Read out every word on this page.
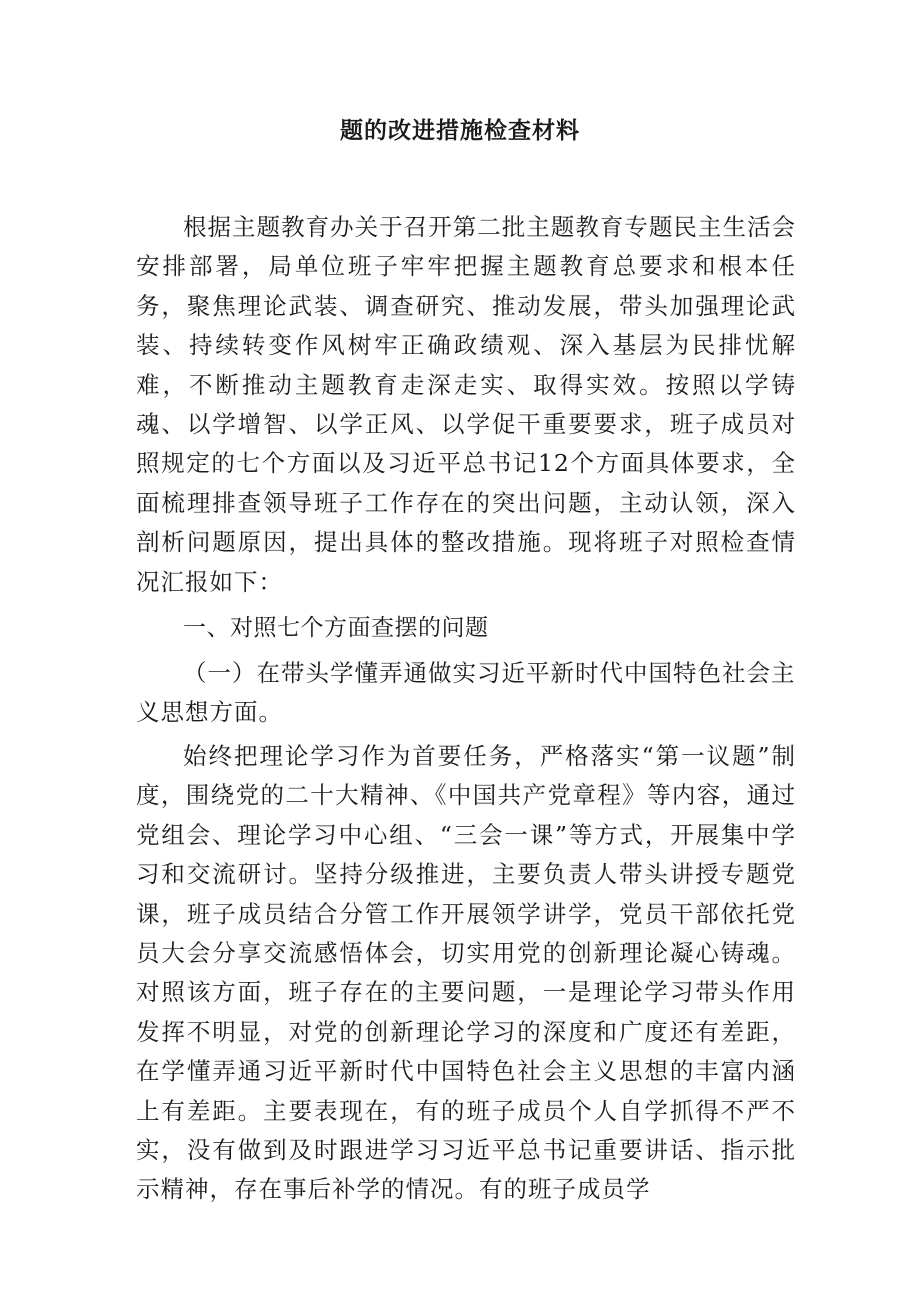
题的改进措施检查材料

根据主题教育办关于召开第二批主题教育专题民主生活会安排部署，局单位班子牢牢把握主题教育总要求和根本任务，聚焦理论武装、调查研究、推动发展，带头加强理论武装、持续转变作风树牢正确政绩观、深入基层为民排忧解难，不断推动主题教育走深走实、取得实效。按照以学铸魂、以学增智、以学正风、以学促干重要要求，班子成员对照规定的七个方面以及习近平总书记12个方面具体要求，全面梳理排查领导班子工作存在的突出问题，主动认领，深入剖析问题原因，提出具体的整改措施。现将班子对照检查情况汇报如下：

一、对照七个方面查摆的问题

（一）在带头学懂弄通做实习近平新时代中国特色社会主义思想方面。

始终把理论学习作为首要任务，严格落实“第一议题”制度，围绕党的二十大精神、《中国共产党章程》等内容，通过党组会、理论学习中心组、“三会一课”等方式，开展集中学习和交流研讨。坚持分级推进，主要负责人带头讲授专题党课，班子成员结合分管工作开展领学讲学，党员干部依托党员大会分享交流感悟体会，切实用党的创新理论凝心铸魂。对照该方面，班子存在的主要问题，一是理论学习带头作用发挥不明显，对党的创新理论学习的深度和广度还有差距，在学懂弄通习近平新时代中国特色社会主义思想的丰富内涵上有差距。主要表现在，有的班子成员个人自学抓得不严不实，没有做到及时跟进学习习近平总书记重要讲话、指示批示精神，存在事后补学的情况。有的班子成员学
